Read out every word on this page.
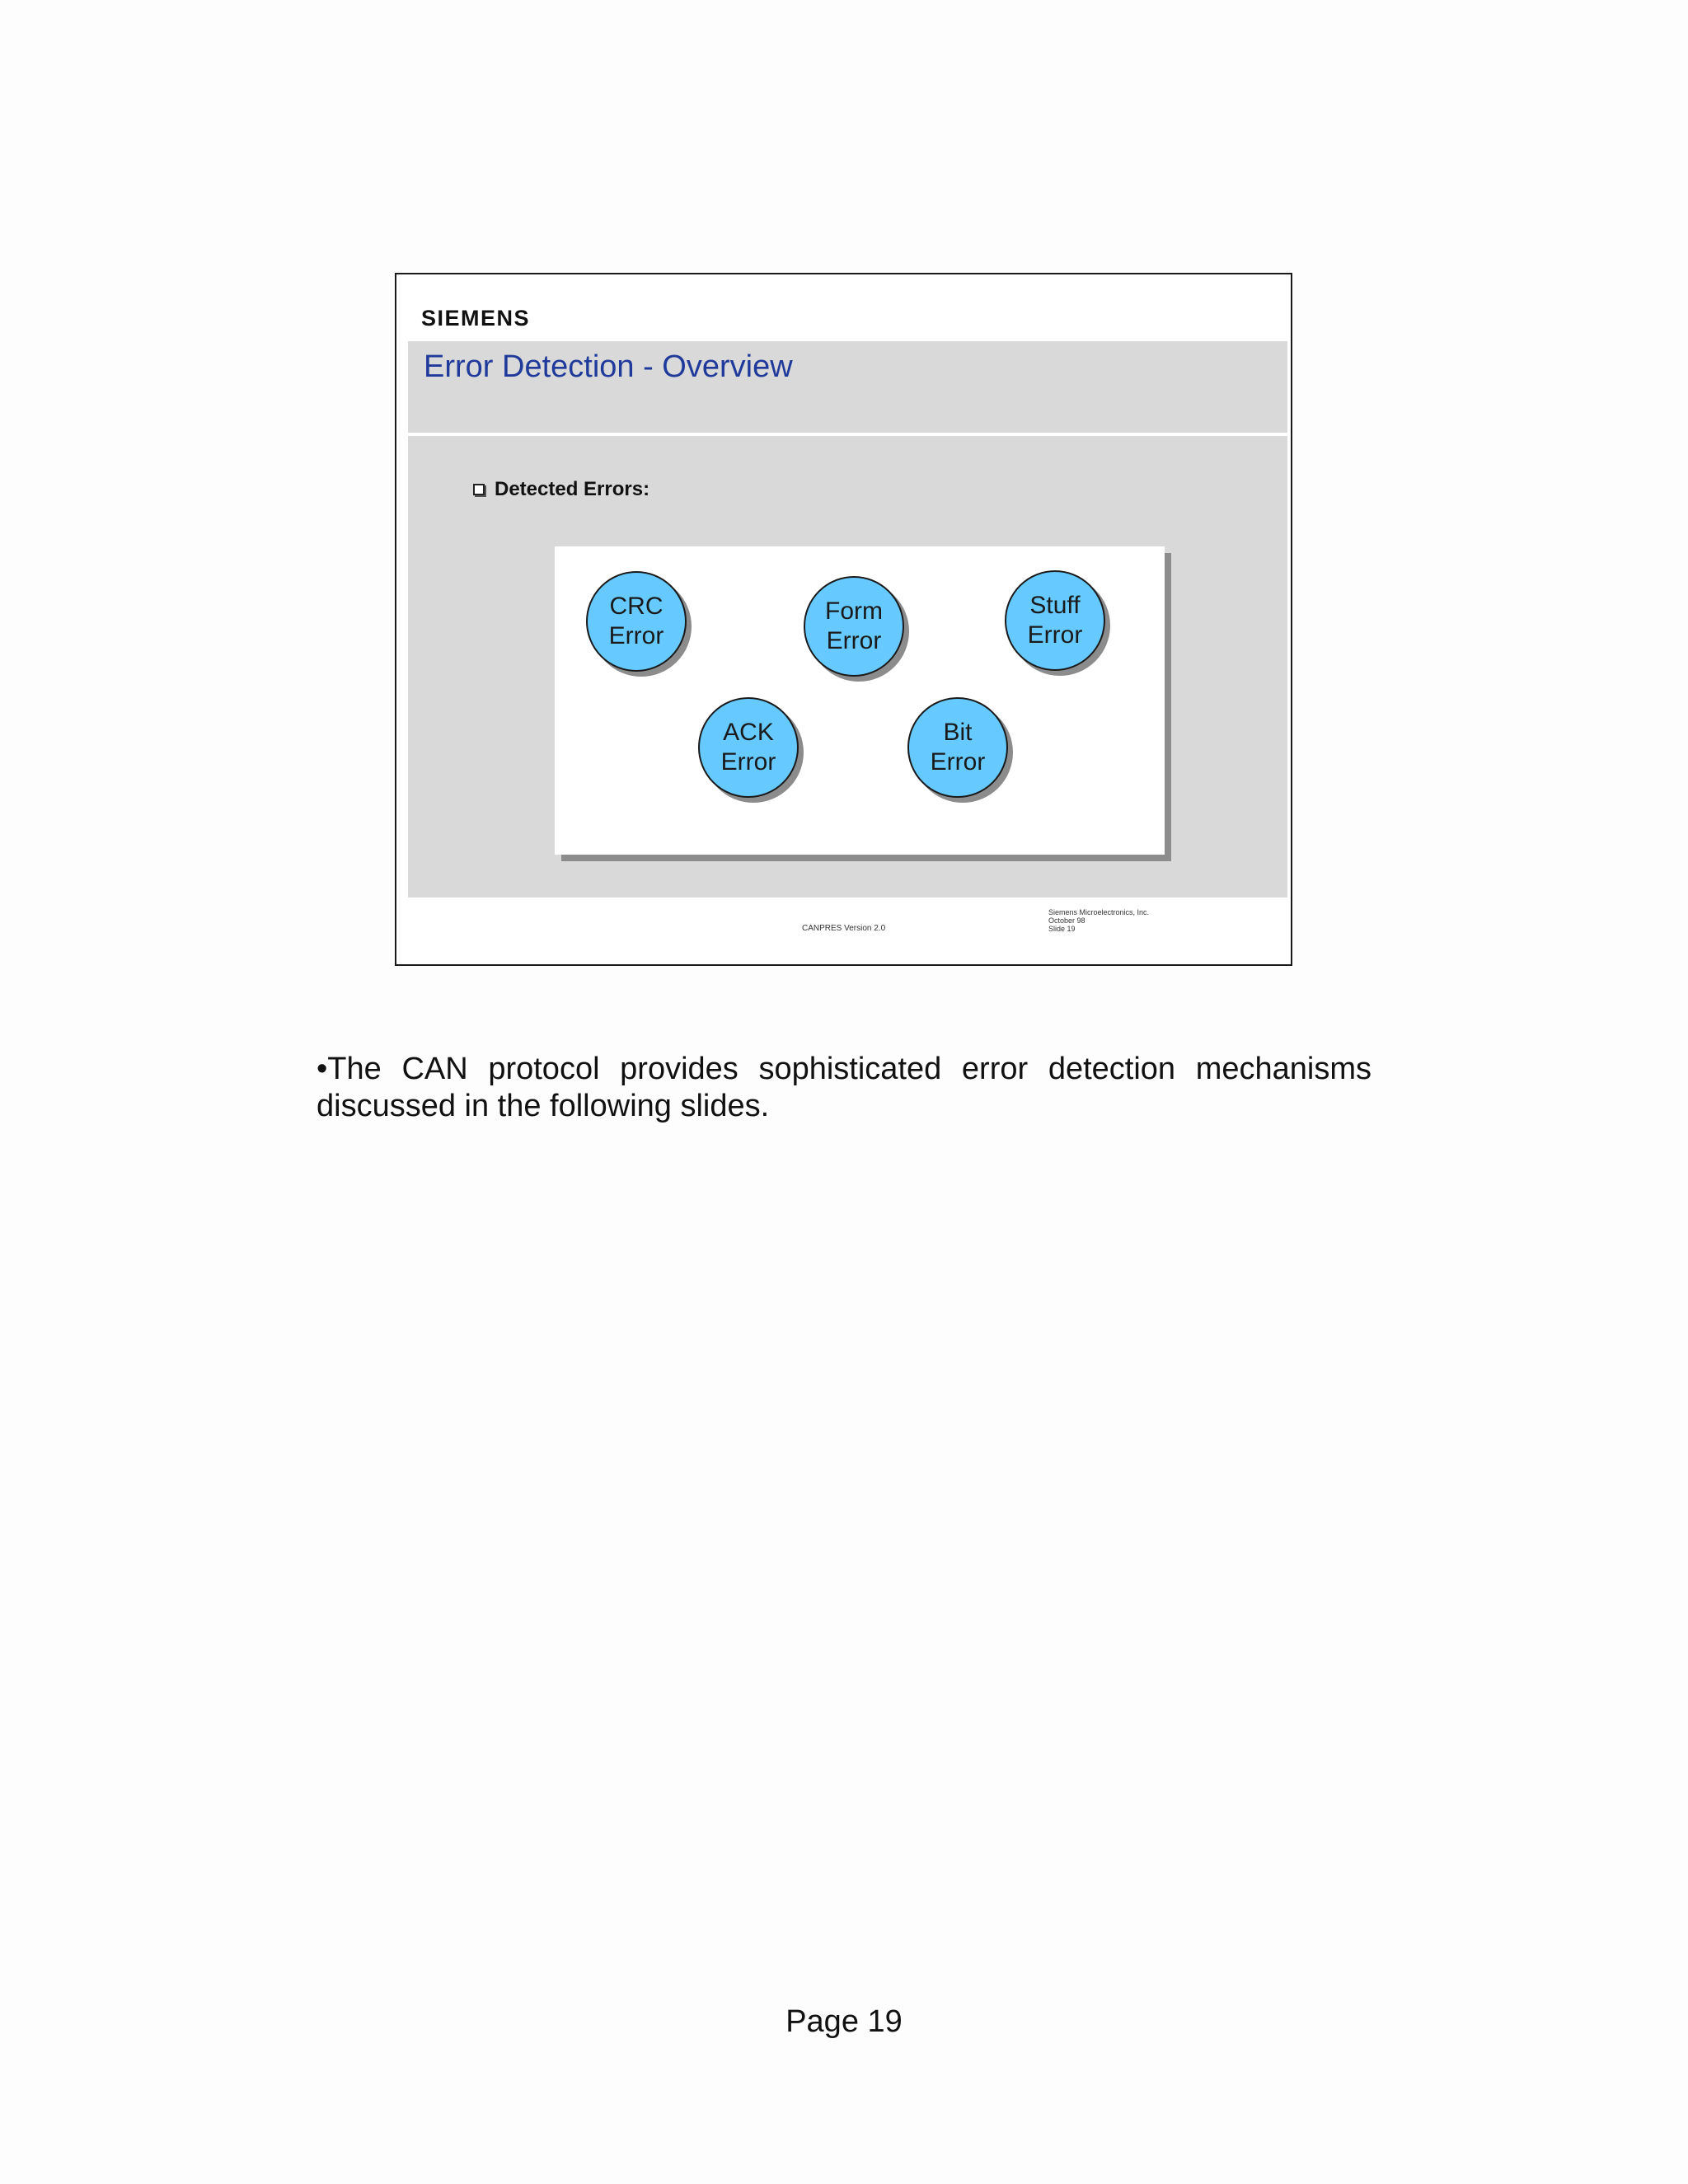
SIEMENS
Error Detection - Overview
Detected Errors:
CRC
Error
Form
Error
Stuff
Error
ACK
Error
Bit
Error
CANPRES Version 2.0
Siemens Microelectronics, Inc.
October 98
Slide 19
•The CAN protocol provides sophisticated error detection mechanisms discussed in the following slides.
Page 19
